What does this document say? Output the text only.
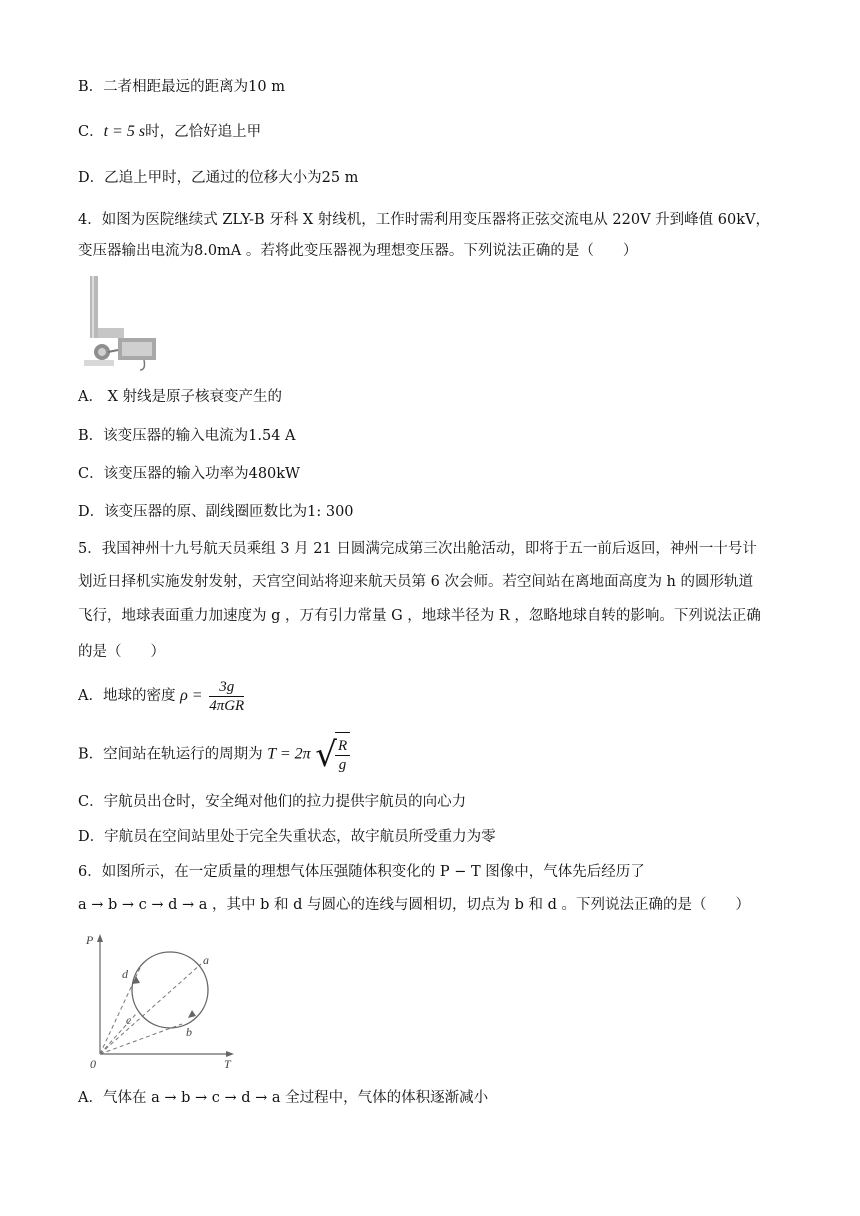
B．二者相距最远的距离为10 m
C．t = 5 s时，乙恰好追上甲
D．乙追上甲时，乙通过的位移大小为25 m
4．如图为医院继续式 ZLY-B 牙科 X 射线机，工作时需利用变压器将正弦交流电从 220V 升到峰值 60kV，
变压器输出电流为8.0mA 。若将此变压器视为理想变压器。下列说法正确的是（　　）
A． X 射线是原子核衰变产生的
B．该变压器的输入电流为1.54 A
C．该变压器的输入功率为480kW
D．该变压器的原、副线圈匝数比为1: 300
5．我国神州十九号航天员乘组 3 月 21 日圆满完成第三次出舱活动，即将于五一前后返回，神州一十号计
划近日择机实施发射发射，天宫空间站将迎来航天员第 6 次会师。若空间站在离地面高度为 h 的圆形轨道
飞行，地球表面重力加速度为 g ，万有引力常量 G ，地球半径为 R ，忽略地球自转的影响。下列说法正确
的是（　　）
A．地球的密度 $\rho = \frac{3g}{\text{4πGR}}$
B．空间站在轨运行的周期为 T = 2π √
$\frac{R}{g}$
C．宇航员出仓时，安全绳对他们的拉力提供宇航员的向心力
D．宇航员在空间站里处于完全失重状态，故宇航员所受重力为零
6．如图所示，在一定质量的理想气体压强随体积变化的 P − T 图像中，气体先后经历了
a → b → c → d → a ，其中 b 和 d 与圆心的连线与圆相切，切点为 b 和 d 。下列说法正确的是（　　）
P
T
0
a
b
c
d
A．气体在 a → b → c → d → a 全过程中，气体的体积逐渐减小
